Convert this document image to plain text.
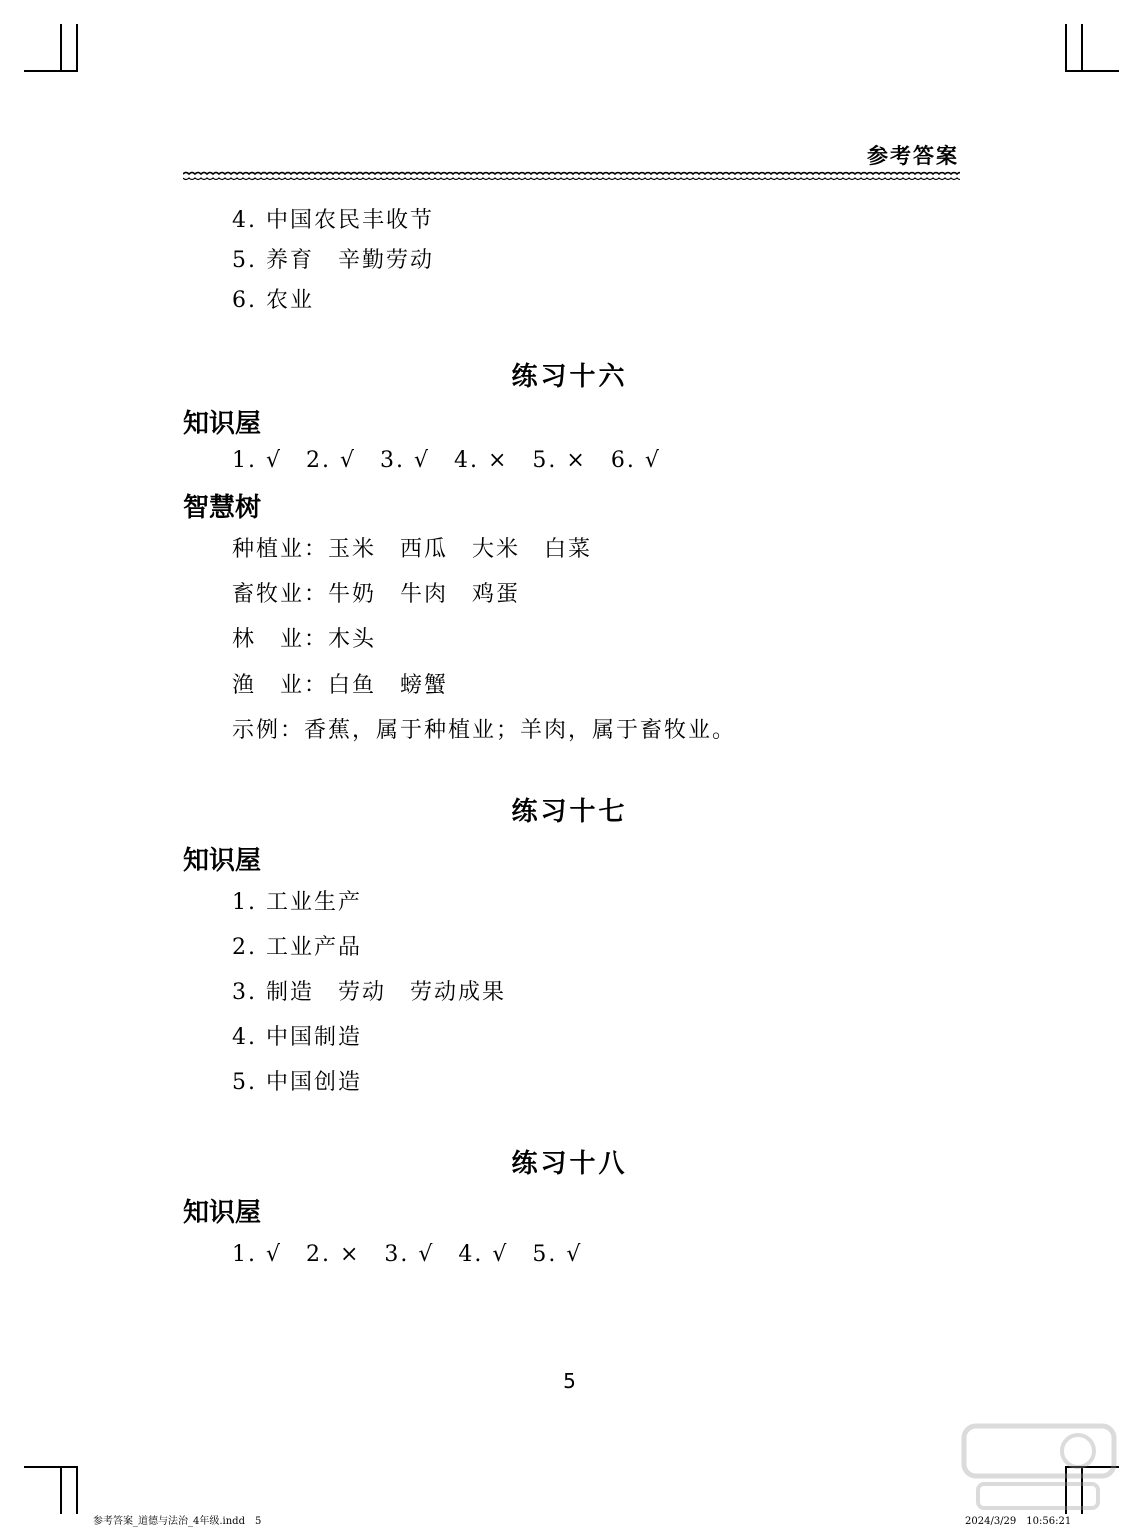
参考答案
4. 中国农民丰收节
5. 养育　辛勤劳动
6. 农业
练习十六
知识屋
1. √　2. √　3. √　4. ×　5. ×　6. √
智慧树
种植业：玉米　西瓜　大米　白菜
畜牧业：牛奶　牛肉　鸡蛋
林　业：木头
渔　业：白鱼　螃蟹
示例：香蕉，属于种植业；羊肉，属于畜牧业。
练习十七
知识屋
1. 工业生产
2. 工业产品
3. 制造　劳动　劳动成果
4. 中国制造
5. 中国创造
练习十八
知识屋
1. √　2. ×　3. √　4. √　5. √
5
参考答案_道德与法治_4年级.indd　5	2024/3/29　10:56:21
